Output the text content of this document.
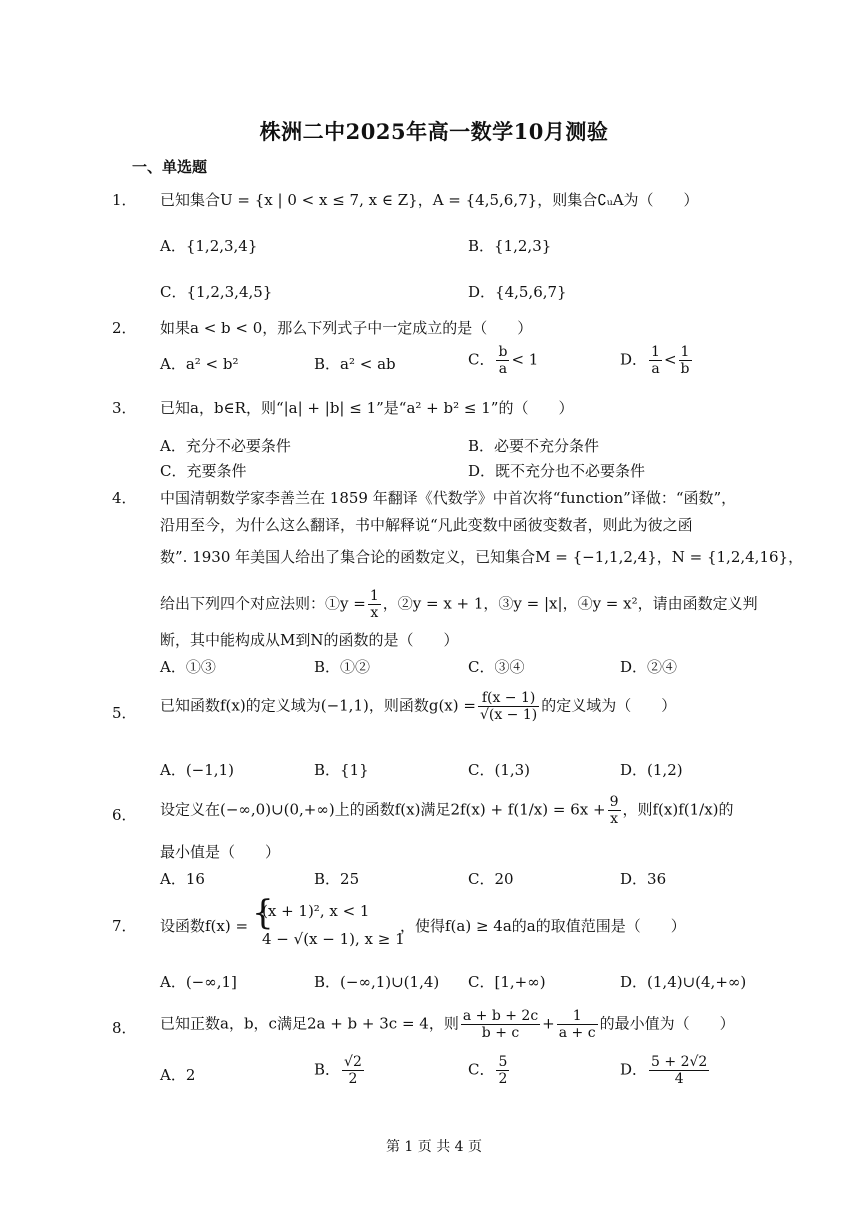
株洲二中2025年高一数学10月测验
一、单选题
1． 已知集合U = {x | 0 < x ≤ 7, x ∈ Z}，A = {4,5,6,7}，则集合∁ᵤA为（　　）
A．{1,2,3,4}	B．{1,2,3}
C．{1,2,3,4,5}	D．{4,5,6,7}
2． 如果a < b < 0，那么下列式子中一定成立的是（　　）
A．a² < b²	B．a² < ab	C． $\frac{b}{a} < 1$	D． $\frac{1}{a} < \frac{1}{b}$
3． 已知a，b∈R，则“|a| + |b| ≤ 1”是“a² + b² ≤ 1”的（　　）
A．充分不必要条件	B．必要不充分条件
C．充要条件	D．既不充分也不必要条件
4． 中国清朝数学家李善兰在 1859 年翻译《代数学》中首次将“function”译做：“函数”，
沿用至今，为什么这么翻译，书中解释说“凡此变数中函彼变数者，则此为彼之函
数”. 1930 年美国人给出了集合论的函数定义，已知集合M = {−1,1,2,4}，N = {1,2,4,16}，
给出下列四个对应法则：①y = $\frac{1}{x}$ ，②y = x + 1，③y = |x|，④y = x²，请由函数定义判
断，其中能构成从M到N的函数的是（　　）
A．①③	B．①②	C．③④	D．②④
5． 已知函数f(x)的定义域为(−1,1)，则函数$g(x) = \frac{f(x - 1)}{√(x - 1)}$ 的定义域为（　　）
A．(−1,1)	B．{1}	C．(1,3)	D．(1,2)
6． 设定义在(−∞,0)∪(0,+∞)上的函数f(x)满足$2f(x) + f(1/x) = 6x + \frac{9}{x}$ ，则f(x)f(1/x)的
最小值是（　　）
A．16	B．25	C．20	D．36
7． 设函数f(x) = {
(x + 1)², x < 1
4 − √(x − 1), x ≥ 1
，使得f(a) ≥ 4a的a的取值范围是（　　）
A．(−∞,1]	B．(−∞,1)∪(1,4) C．[1,+∞)	D．(1,4)∪(4,+∞)
8． 已知正数a，b，c满足2a + b + 3c = 4，则 $\frac{a + b + 2c}{b + c} + \frac{1}{a + c}$ 的最小值为（　　）
A．2	B． $\frac{√2}{2}$	C． $\frac{5}{2}$	D． $\frac{5 + 2√2}{4}$
第 1 页 共 4 页
